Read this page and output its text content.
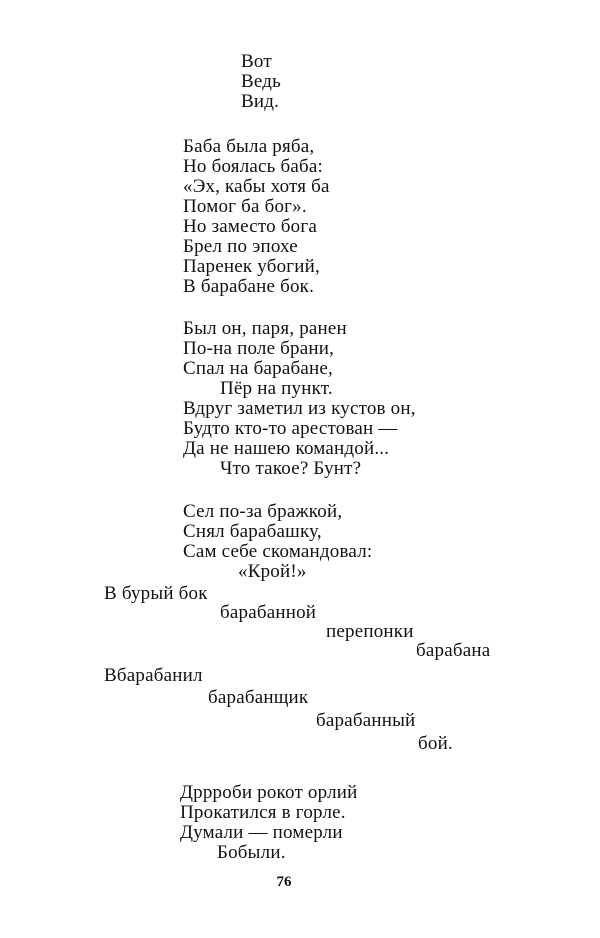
Вот
Ведь
Вид.
Баба была ряба,
Но боялась баба:
«Эх, кабы хотя ба
Помог ба бог».
Но заместо бога
Брел по эпохе
Паренек убогий,
В барабане бок.
Был он, паря, ранен
По-на поле брани,
Спал на барабане,
Пёр на пункт.
Вдруг заметил из кустов он,
Будто кто-то арестован —
Да не нашею командой...
Что такое? Бунт?
Сел по-за бражкой,
Снял барабашку,
Сам себе скомандовал:
«Крой!»
В бурый бок
барабанной
перепонки
барабана
Вбарабанил
барабанщик
барабанный
бой.
Дррроби рокот орлий
Прокатился в горле.
Думали — померли
Бобыли.
76
